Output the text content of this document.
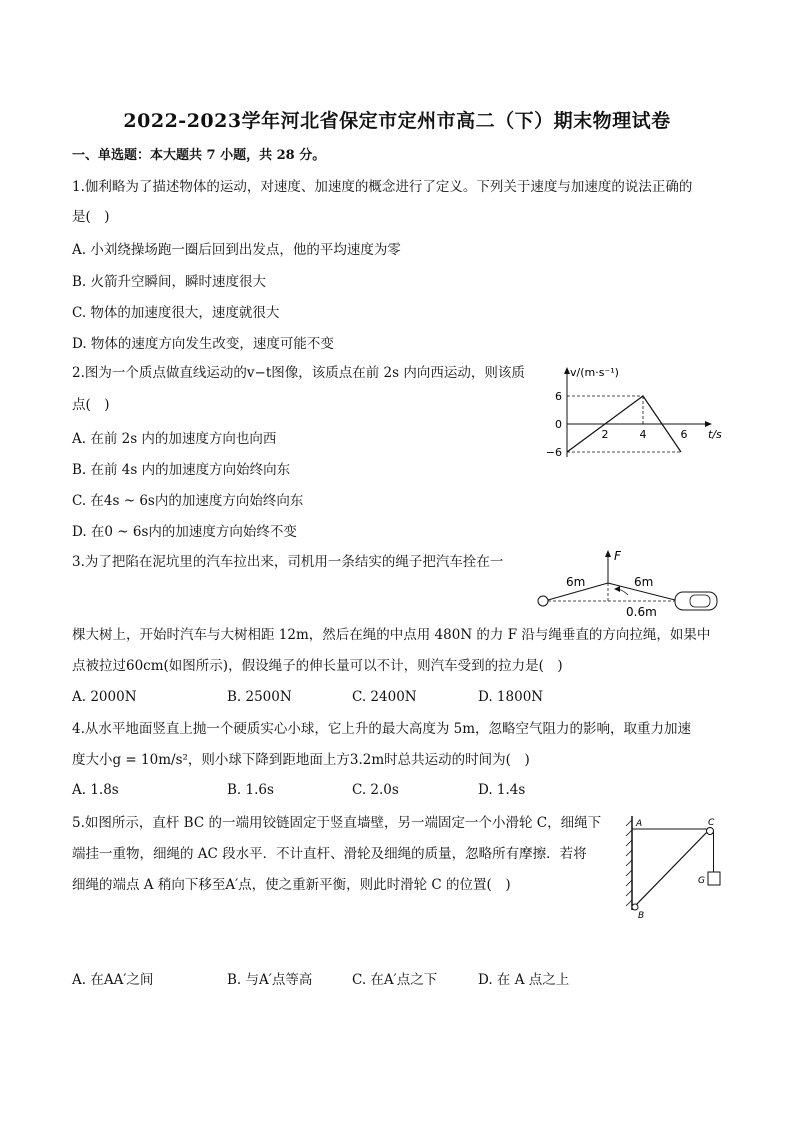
2022-2023学年河北省保定市定州市高二（下）期末物理试卷
一、单选题：本大题共 7 小题，共 28 分。
1.伽利略为了描述物体的运动，对速度、加速度的概念进行了定义。下列关于速度与加速度的说法正确的
是(　)
A. 小刘绕操场跑一圈后回到出发点，他的平均速度为零
B. 火箭升空瞬间，瞬时速度很大
C. 物体的加速度很大，速度就很大
D. 物体的速度方向发生改变，速度可能不变
2.图为一个质点做直线运动的v−t图像，该质点在前 2s 内向西运动，则该质
点(　)
A. 在前 2s 内的加速度方向也向西
B. 在前 4s 内的加速度方向始终向东
C. 在4s ~ 6s内的加速度方向始终向东
D. 在0 ~ 6s内的加速度方向始终不变
v/(m·s⁻¹)
t/s
6
0
−6
2	4	6
3.为了把陷在泥坑里的汽车拉出来，司机用一条结实的绳子把汽车拴在一
棵大树上，开始时汽车与大树相距 12m，然后在绳的中点用 480N 的力 F 沿与绳垂直的方向拉绳，如果中
点被拉过60cm(如图所示)，假设绳子的伸长量可以不计，则汽车受到的拉力是(　)
A. 2000N	B. 2500N	C. 2400N	D. 1800N
F
6m	6m
0.6m
4.从水平地面竖直上抛一个硬质实心小球，它上升的最大高度为 5m，忽略空气阻力的影响，取重力加速
度大小g = 10m/s²，则小球下降到距地面上方3.2m时总共运动的时间为(　)
A. 1.8s	B. 1.6s	C. 2.0s	D. 1.4s
5.如图所示，直杆 BC 的一端用铰链固定于竖直墙壁，另一端固定一个小滑轮 C，细绳下
端挂一重物，细绳的 AC 段水平．不计直杆、滑轮及细绳的质量，忽略所有摩擦．若将
细绳的端点 A 稍向下移至A′点，使之重新平衡，则此时滑轮 C 的位置(　)
A. 在AA′之间	B. 与A′点等高	C. 在A′点之下	D. 在 A 点之上
A
B
C
G
